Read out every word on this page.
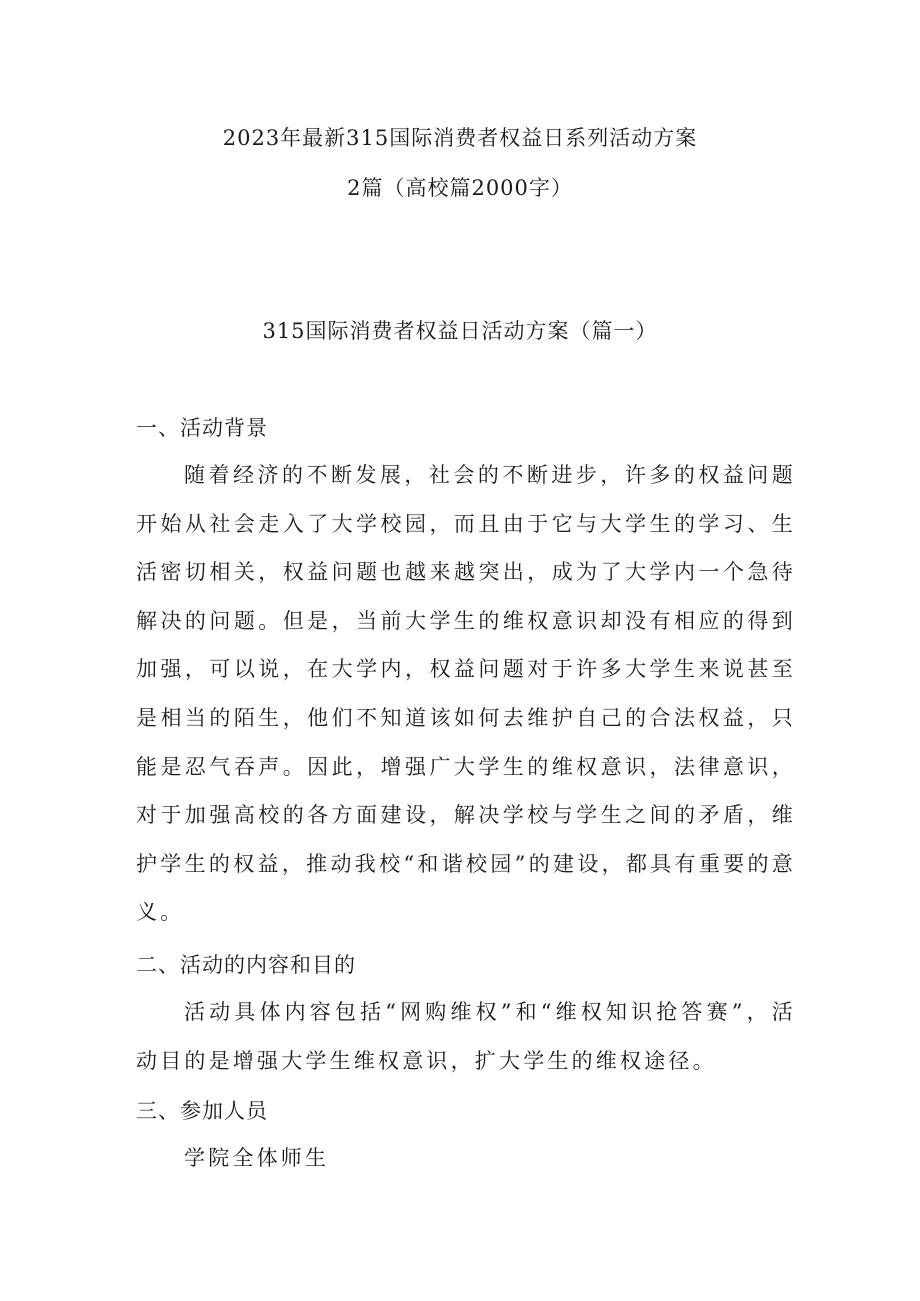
2023年最新315国际消费者权益日系列活动方案
2篇（高校篇2000字）
315国际消费者权益日活动方案（篇一）
一、活动背景

随着经济的不断发展，社会的不断进步，许多的权益问题开始从社会走入了大学校园，而且由于它与大学生的学习、生活密切相关，权益问题也越来越突出，成为了大学内一个急待解决的问题。但是，当前大学生的维权意识却没有相应的得到加强，可以说，在大学内，权益问题对于许多大学生来说甚至是相当的陌生，他们不知道该如何去维护自己的合法权益，只能是忍气吞声。因此，增强广大学生的维权意识，法律意识，对于加强高校的各方面建设，解决学校与学生之间的矛盾，维护学生的权益，推动我校“和谐校园”的建设，都具有重要的意义。

二、活动的内容和目的

活动具体内容包括“网购维权”和“维权知识抢答赛”，活动目的是增强大学生维权意识，扩大学生的维权途径。

三、参加人员

学院全体师生
